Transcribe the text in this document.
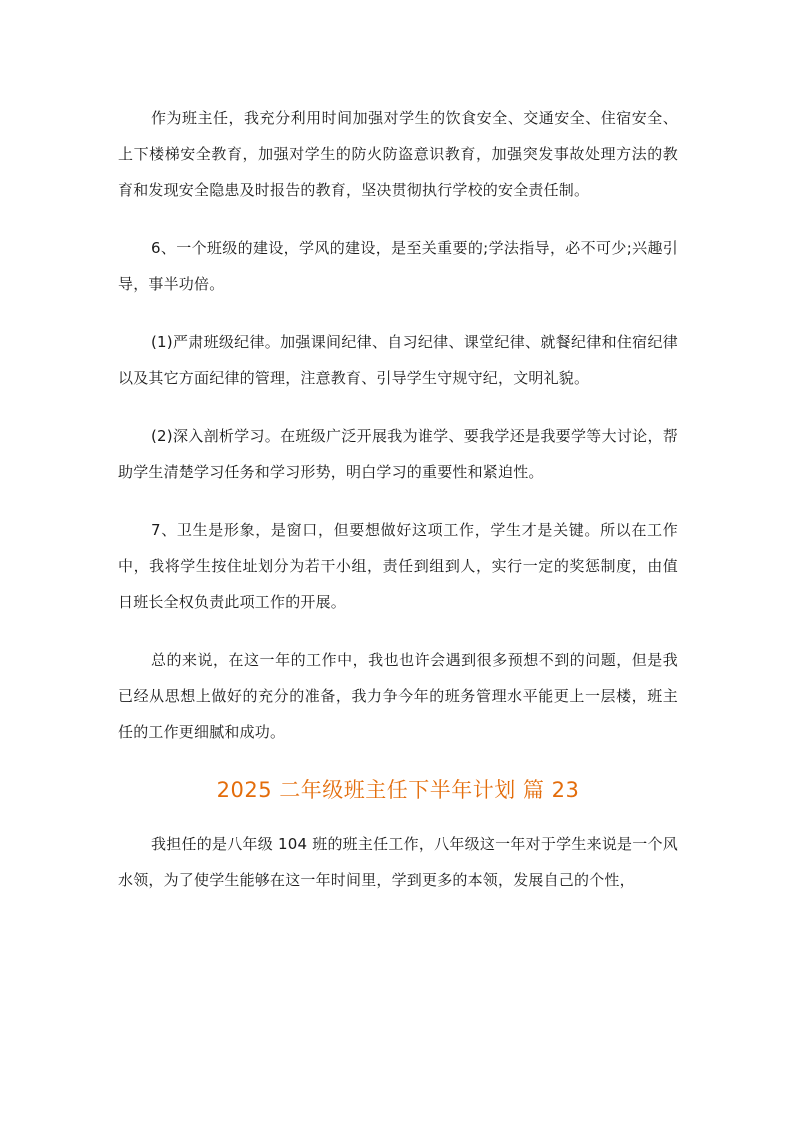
作为班主任，我充分利用时间加强对学生的饮食安全、交通安全、住宿安全、上下楼梯安全教育，加强对学生的防火防盗意识教育，加强突发事故处理方法的教育和发现安全隐患及时报告的教育，坚决贯彻执行学校的安全责任制。

6、一个班级的建设，学风的建设，是至关重要的;学法指导，必不可少;兴趣引导，事半功倍。

(1)严肃班级纪律。加强课间纪律、自习纪律、课堂纪律、就餐纪律和住宿纪律以及其它方面纪律的管理，注意教育、引导学生守规守纪，文明礼貌。

(2)深入剖析学习。在班级广泛开展我为谁学、要我学还是我要学等大讨论，帮助学生清楚学习任务和学习形势，明白学习的重要性和紧迫性。

7、卫生是形象，是窗口，但要想做好这项工作，学生才是关键。所以在工作中，我将学生按住址划分为若干小组，责任到组到人，实行一定的奖惩制度，由值日班长全权负责此项工作的开展。

总的来说，在这一年的工作中，我也也许会遇到很多预想不到的问题，但是我已经从思想上做好的充分的准备，我力争今年的班务管理水平能更上一层楼，班主任的工作更细腻和成功。

2025 二年级班主任下半年计划 篇 23

我担任的是八年级 104 班的班主任工作，八年级这一年对于学生来说是一个风水领，为了使学生能够在这一年时间里，学到更多的本领，发展自己的个性，
